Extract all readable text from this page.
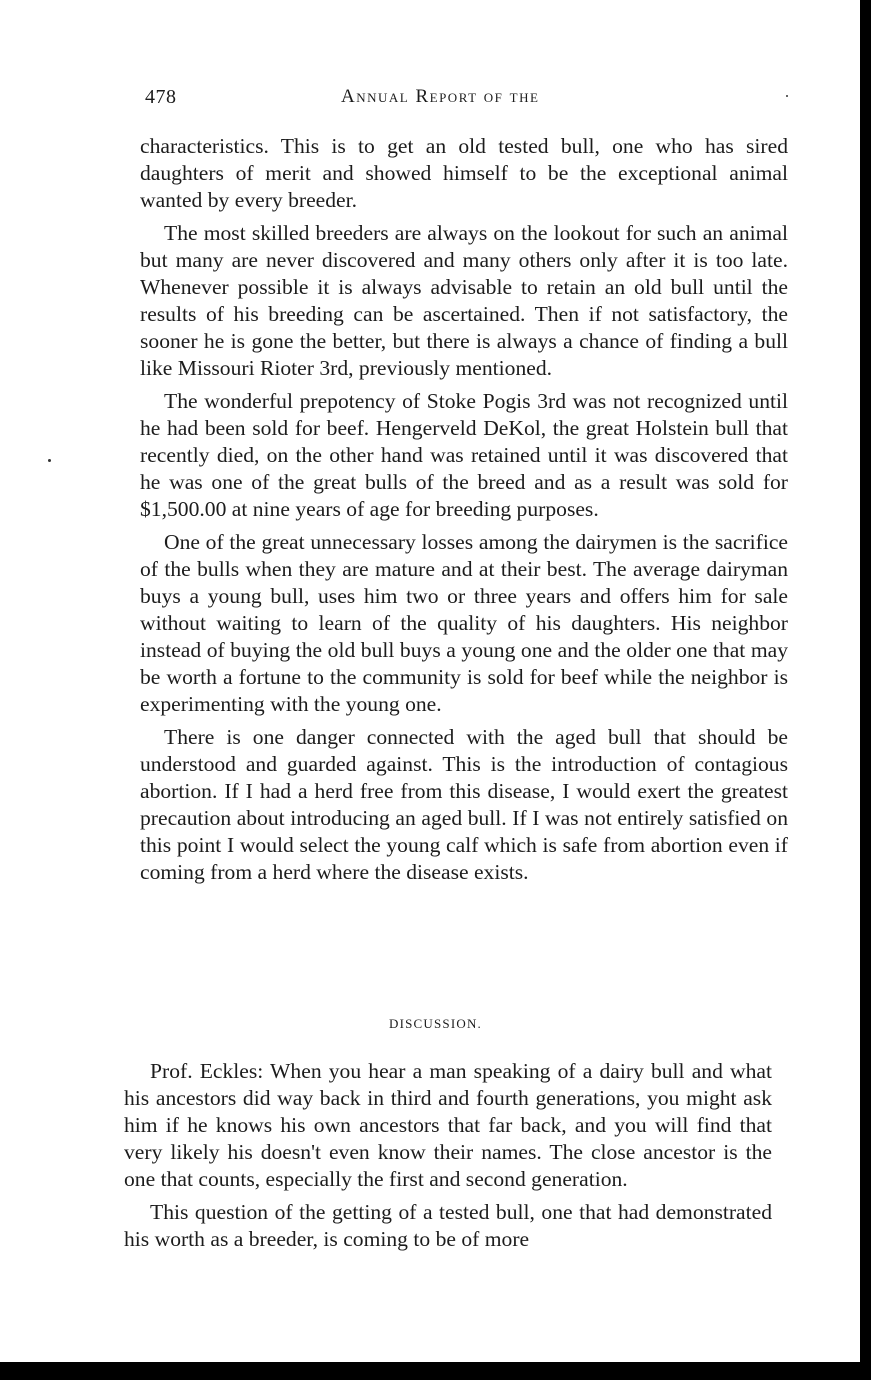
478	Annual Report of the

characteristics. This is to get an old tested bull, one who has sired daughters of merit and showed himself to be the exceptional animal wanted by every breeder.

The most skilled breeders are always on the lookout for such an animal but many are never discovered and many others only after it is too late. Whenever possible it is always advisable to retain an old bull until the results of his breeding can be ascertained. Then if not satisfactory, the sooner he is gone the better, but there is always a chance of finding a bull like Missouri Rioter 3rd, previously mentioned.

The wonderful prepotency of Stoke Pogis 3rd was not recognized until he had been sold for beef. Hengerveld DeKol, the great Holstein bull that recently died, on the other hand was retained until it was discovered that he was one of the great bulls of the breed and as a result was sold for $1,500.00 at nine years of age for breeding purposes.

One of the great unnecessary losses among the dairymen is the sacrifice of the bulls when they are mature and at their best. The average dairyman buys a young bull, uses him two or three years and offers him for sale without waiting to learn of the quality of his daughters. His neighbor instead of buying the old bull buys a young one and the older one that may be worth a fortune to the community is sold for beef while the neighbor is experimenting with the young one.

There is one danger connected with the aged bull that should be understood and guarded against. This is the introduction of contagious abortion. If I had a herd free from this disease, I would exert the greatest precaution about introducing an aged bull. If I was not entirely satisfied on this point I would select the young calf which is safe from abortion even if coming from a herd where the disease exists.

DISCUSSION.

Prof. Eckles: When you hear a man speaking of a dairy bull and what his ancestors did way back in third and fourth generations, you might ask him if he knows his own ancestors that far back, and you will find that very likely his doesn't even know their names. The close ancestor is the one that counts, especially the first and second generation.

This question of the getting of a tested bull, one that had demonstrated his worth as a breeder, is coming to be of more
